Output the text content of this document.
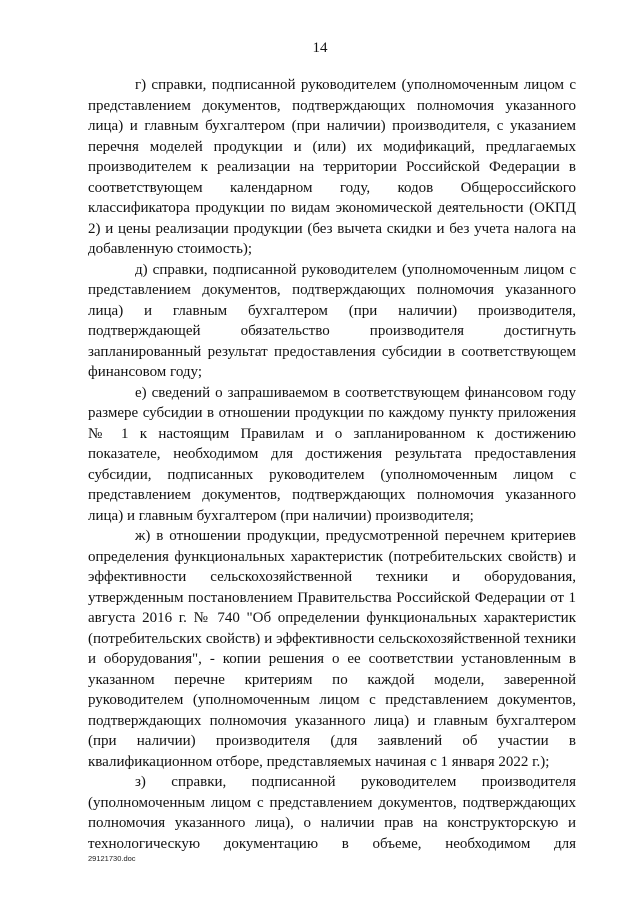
14

г) справки, подписанной руководителем (уполномоченным лицом с представлением документов, подтверждающих полномочия указанного лица) и главным бухгалтером (при наличии) производителя, с указанием перечня моделей продукции и (или) их модификаций, предлагаемых производителем к реализации на территории Российской Федерации в соответствующем календарном году, кодов Общероссийского классификатора продукции по видам экономической деятельности (ОКПД 2) и цены реализации продукции (без вычета скидки и без учета налога на добавленную стоимость);

д) справки, подписанной руководителем (уполномоченным лицом с представлением документов, подтверждающих полномочия указанного лица) и главным бухгалтером (при наличии) производителя, подтверждающей обязательство производителя достигнуть запланированный результат предоставления субсидии в соответствующем финансовом году;

е) сведений о запрашиваемом в соответствующем финансовом году размере субсидии в отношении продукции по каждому пункту приложения № 1 к настоящим Правилам и о запланированном к достижению показателе, необходимом для достижения результата предоставления субсидии, подписанных руководителем (уполномоченным лицом с представлением документов, подтверждающих полномочия указанного лица) и главным бухгалтером (при наличии) производителя;

ж) в отношении продукции, предусмотренной перечнем критериев определения функциональных характеристик (потребительских свойств) и эффективности сельскохозяйственной техники и оборудования, утвержденным постановлением Правительства Российской Федерации от 1 августа 2016 г. № 740 "Об определении функциональных характеристик (потребительских свойств) и эффективности сельскохозяйственной техники и оборудования", - копии решения о ее соответствии установленным в указанном перечне критериям по каждой модели, заверенной руководителем (уполномоченным лицом с представлением документов, подтверждающих полномочия указанного лица) и главным бухгалтером (при наличии) производителя (для заявлений об участии в квалификационном отборе, представляемых начиная с 1 января 2022 г.);

з) справки, подписанной руководителем производителя (уполномоченным лицом с представлением документов, подтверждающих полномочия указанного лица), о наличии прав на конструкторскую и технологическую документацию в объеме, необходимом для

29121730.doc
